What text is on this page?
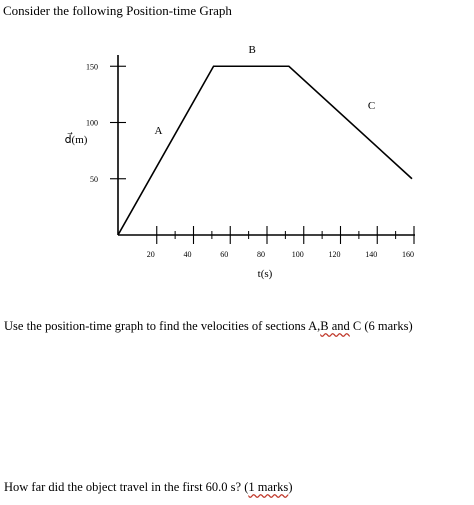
Consider the following Position-time Graph
20	40	60	80	100	120	140	160
50
100
150
A
B
C
t(s)
d⃗(m)
Use the position-time graph to find the velocities of sections A,B and C (6 marks)
How far did the object travel in the first 60.0 s? (1 marks)
